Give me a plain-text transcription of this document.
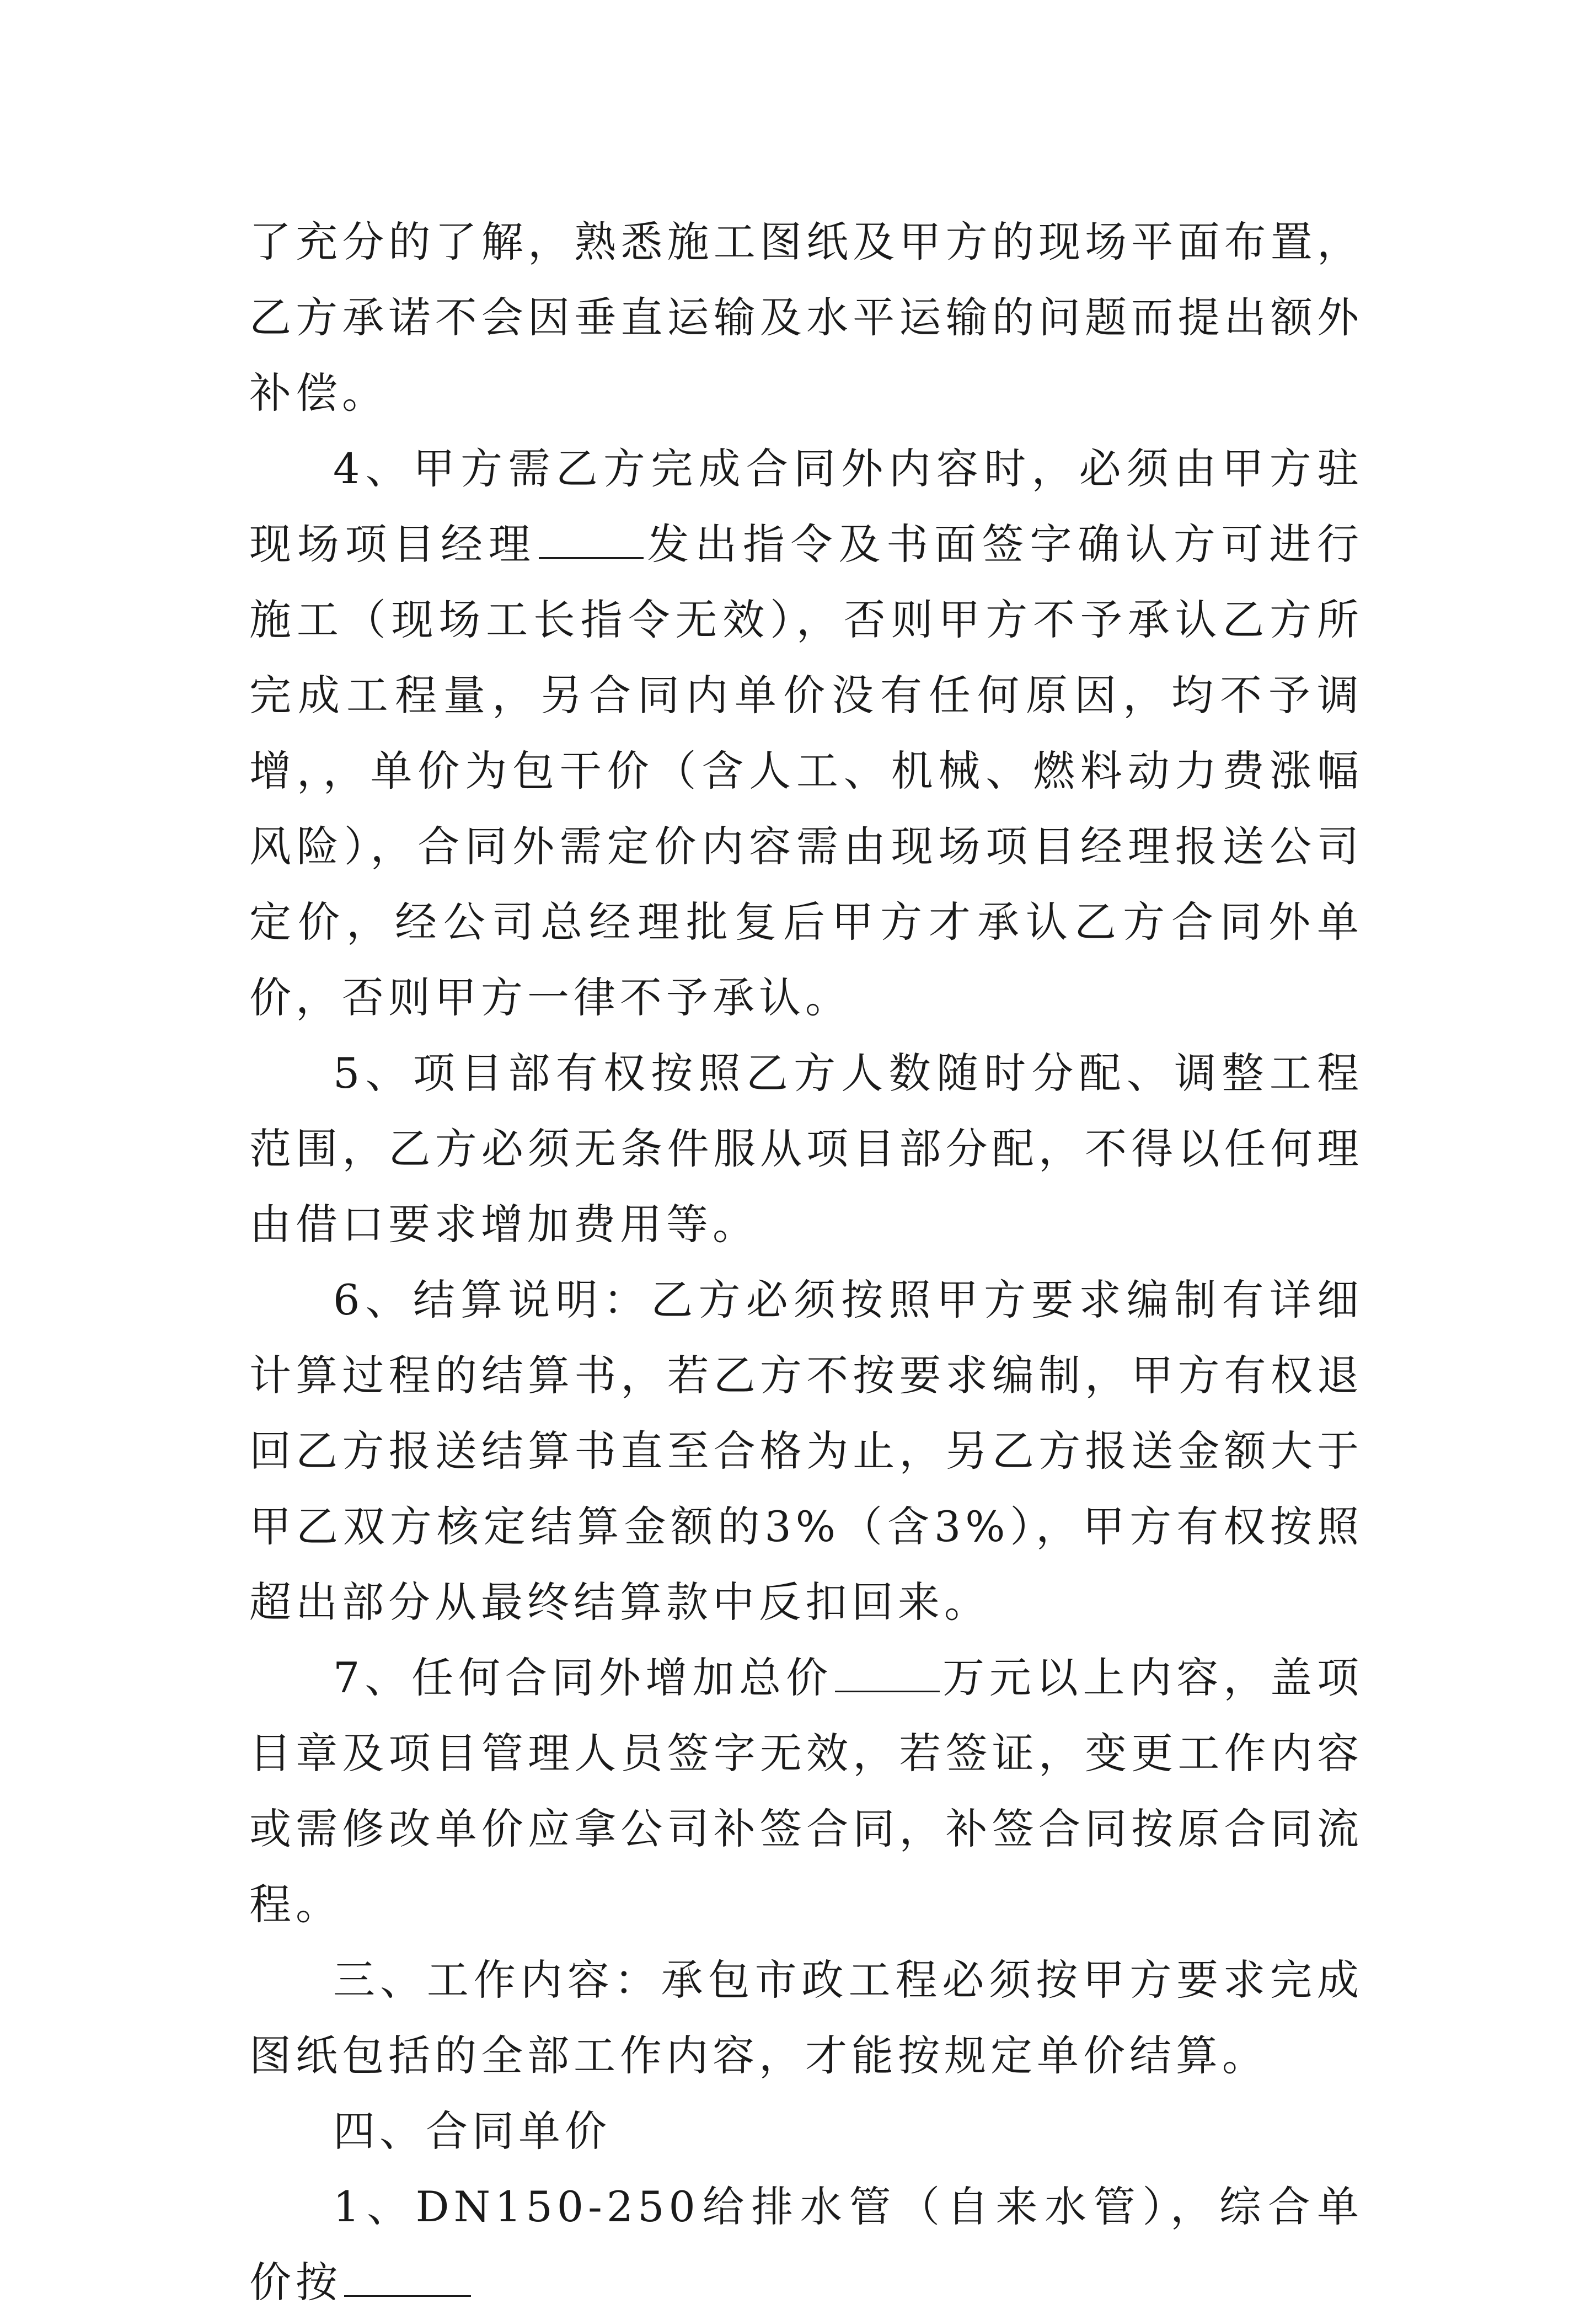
了充分的了解，熟悉施工图纸及甲方的现场平面布置，乙方承诺不会因垂直运输及水平运输的问题而提出额外补偿。

4、甲方需乙方完成合同外内容时，必须由甲方驻现场项目经理	发出指令及书面签字确认方可进行施工（现场工长指令无效），否则甲方不予承认乙方所完成工程量，另合同内单价没有任何原因，均不予调增，，单价为包干价（含人工、机械、燃料动力费涨幅风险），合同外需定价内容需由现场项目经理报送公司定价，经公司总经理批复后甲方才承认乙方合同外单价，否则甲方一律不予承认。

5、项目部有权按照乙方人数随时分配、调整工程范围，乙方必须无条件服从项目部分配，不得以任何理由借口要求增加费用等。

6、结算说明：乙方必须按照甲方要求编制有详细计算过程的结算书，若乙方不按要求编制，甲方有权退回乙方报送结算书直至合格为止，另乙方报送金额大于甲乙双方核定结算金额的3%（含3%），甲方有权按照超出部分从最终结算款中反扣回来。

7、任何合同外增加总价	万元以上内容，盖项目章及项目管理人员签字无效，若签证，变更工作内容或需修改单价应拿公司补签合同，补签合同按原合同流程。

三、工作内容：承包市政工程必须按甲方要求完成图纸包括的全部工作内容，才能按规定单价结算。

四、合同单价

1、DN150-250给排水管（自来水管），综合单价按
